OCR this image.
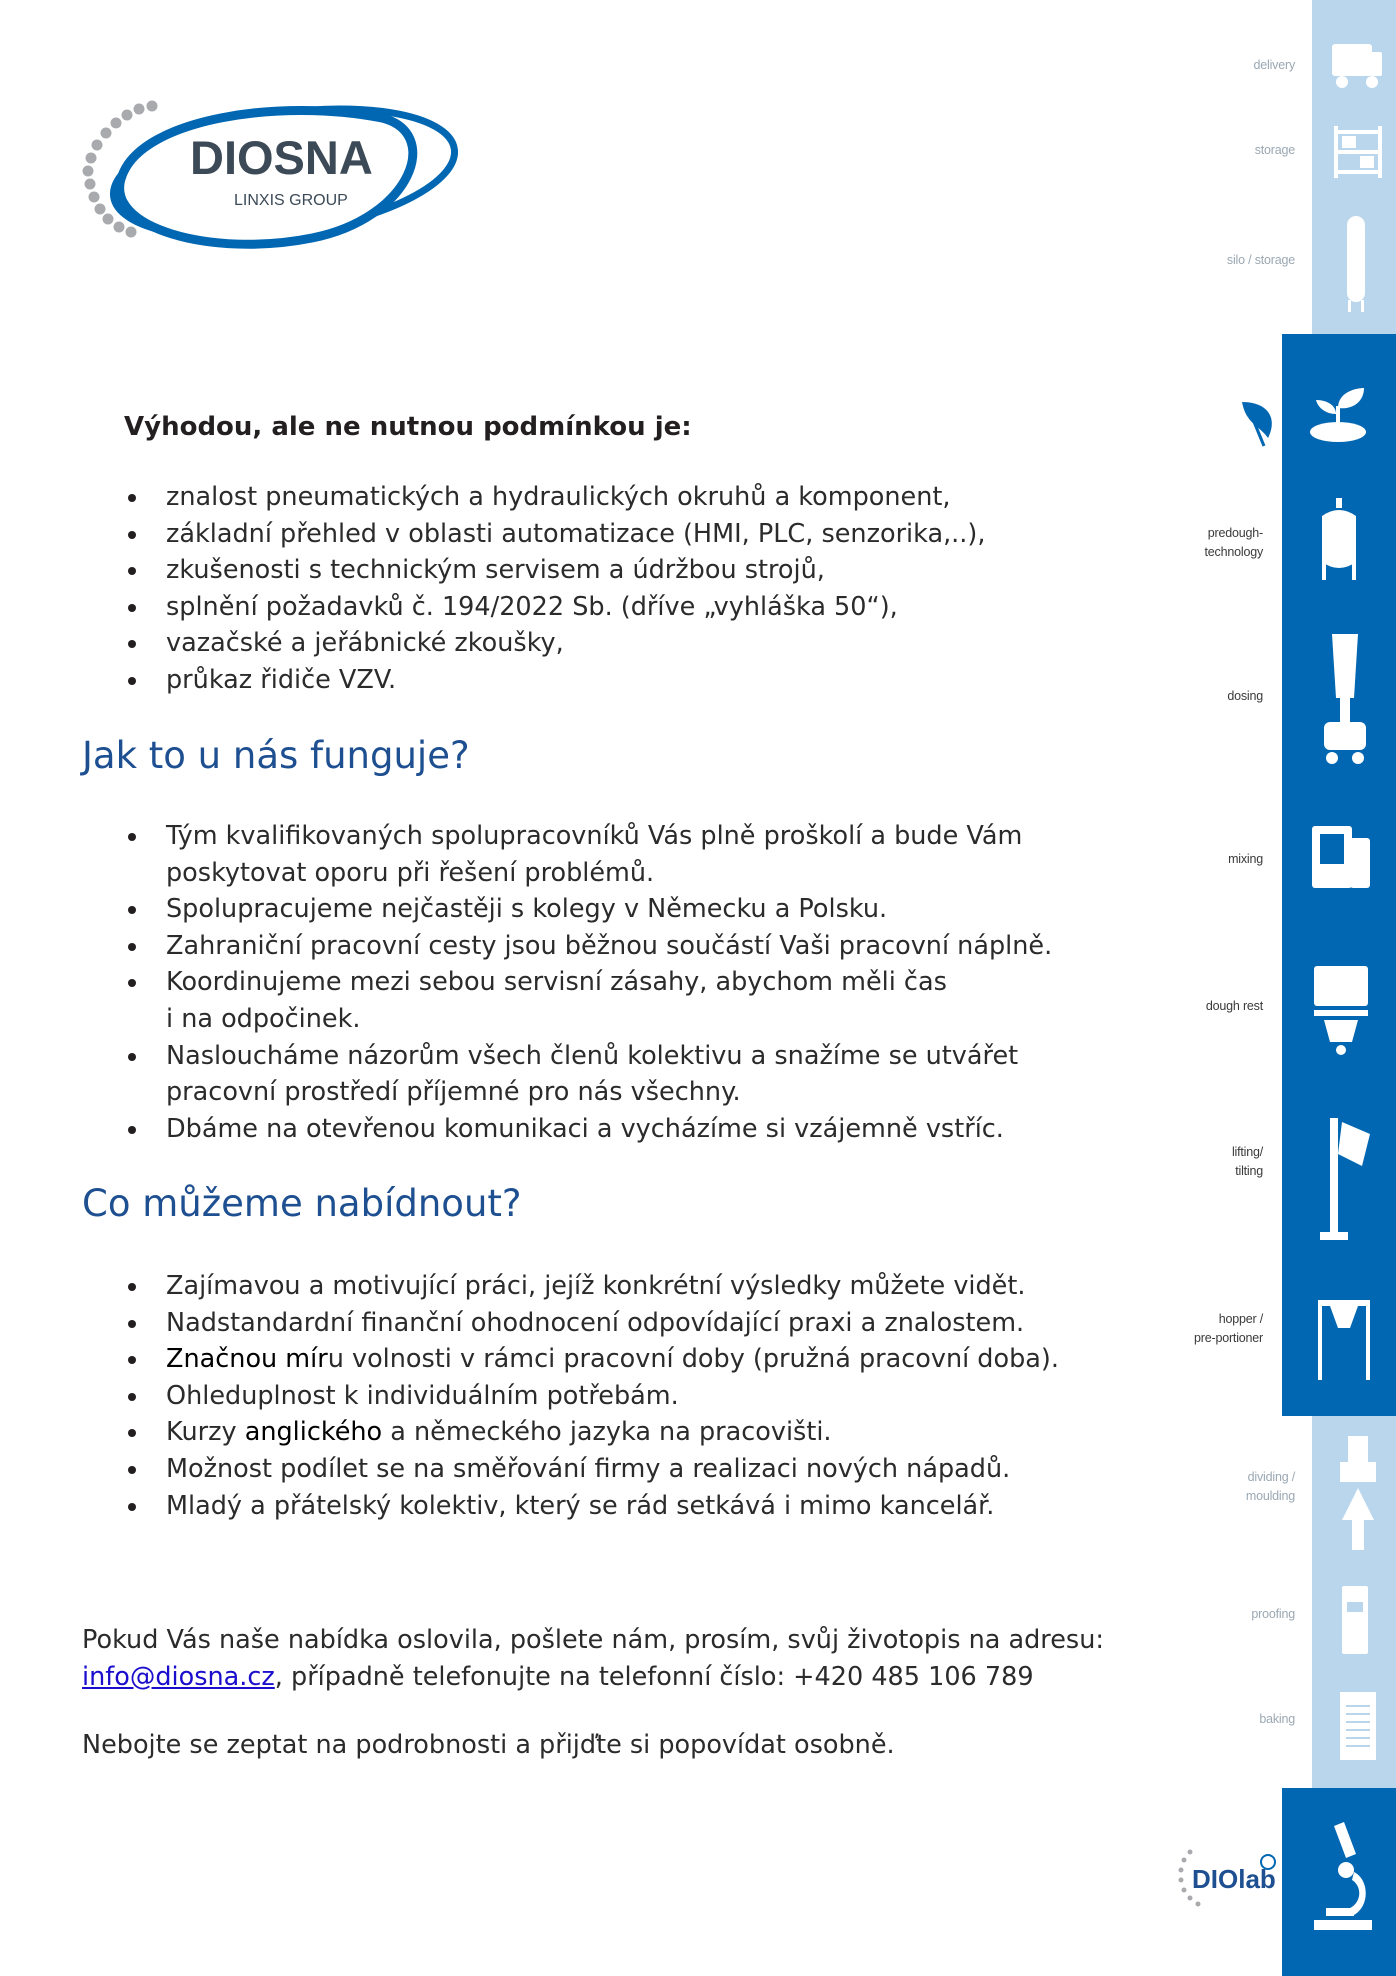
DIOSNA
LINXIS GROUP
Výhodou, ale ne nutnou podmínkou je:
znalost pneumatických a hydraulických okruhů a komponent,
základní přehled v oblasti automatizace (HMI, PLC, senzorika,..),
zkušenosti s technickým servisem a údržbou strojů,
splnění požadavků č. 194/2022 Sb. (dříve „vyhláška 50“),
vazačské a jeřábnické zkoušky,
průkaz řidiče VZV.
Jak to u nás funguje?
Tým kvalifikovaných spolupracovníků Vás plně proškolí a bude Vám
poskytovat oporu při řešení problémů.
Spolupracujeme nejčastěji s kolegy v Německu a Polsku.
Zahraniční pracovní cesty jsou běžnou součástí Vaši pracovní náplně.
Koordinujeme mezi sebou servisní zásahy, abychom měli čas
i na odpočinek.
Nasloucháme názorům všech členů kolektivu a snažíme se utvářet
pracovní prostředí příjemné pro nás všechny.
Dbáme na otevřenou komunikaci a vycházíme si vzájemně vstříc.
Co můžeme nabídnout?
Zajímavou a motivující práci, jejíž konkrétní výsledky můžete vidět.
Nadstandardní finanční ohodnocení odpovídající praxi a znalostem.
Značnou míru volnosti v rámci pracovní doby (pružná pracovní doba).
Ohleduplnost k individuálním potřebám.
Kurzy anglického a německého jazyka na pracovišti.
Možnost podílet se na směřování firmy a realizaci nových nápadů.
Mladý a přátelský kolektiv, který se rád setkává i mimo kancelář.
Pokud Vás naše nabídka oslovila, pošlete nám, prosím, svůj životopis na adresu:
info@diosna.cz, případně telefonujte na telefonní číslo: +420 485 106 789
Nebojte se zeptat na podrobnosti a přijďte si popovídat osobně.
delivery
storage
silo / storage
predough-
technology
dosing
mixing
dough rest
lifting/
tilting
hopper /
pre-portioner
dividing /
moulding
proofing
baking
DIOlab
